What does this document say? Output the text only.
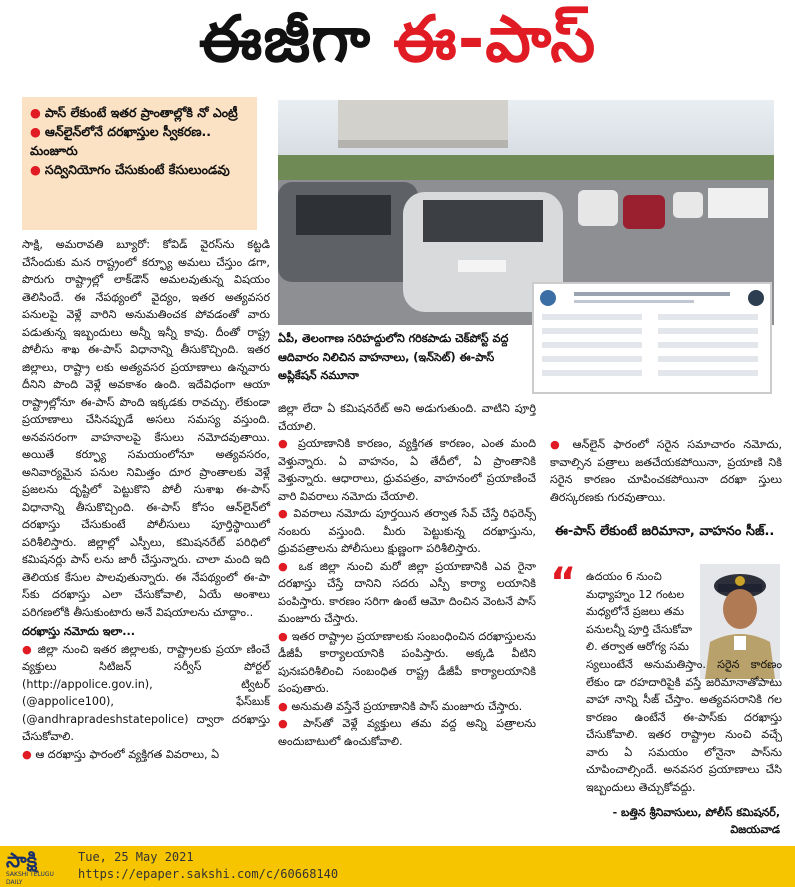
ఈజీగా ఈ-పాస్
● పాస్ లేకుంటే ఇతర ప్రాంతాల్లోకి నో ఎంట్రీ
● ఆన్‌లైన్‌లోనే దరఖాస్తుల స్వీకరణ.. మంజూరు
● సద్వినియోగం చేసుకుంటే కేసులుండవు

సాక్షి, అమరావతి బ్యూరో: కోవిడ్ వైరస్‌ను కట్టడి చేసేందుకు మన రాష్ట్రంలో కర్ఫ్యూ అమలు చేస్తుం డగా, పొరుగు రాష్ట్రాల్లో లాక్‌డౌన్ అమలవుతున్న విషయం తెలిసిందే. ఈ నేపథ్యంలో వైద్యం, ఇతర అత్యవసర పనులపై వెళ్లే వారిని అనుమతించక పోవడంతో వారు పడుతున్న ఇబ్బందులు అన్నీ ఇన్నీ కావు. దీంతో రాష్ట్ర పోలీసు శాఖ ఈ-పాస్ విధానాన్ని తీసుకొచ్చింది. ఇతర జిల్లాలు, రాష్ట్రా లకు అత్యవసర ప్రయాణాలు ఉన్నవారు దీనిని పొంది వెళ్లే అవకాశం ఉంది. ఇదేవిధంగా ఆయా రాష్ట్రాల్లోనూ ఈ-పాస్ పొంది ఇక్కడకు రావచ్చు. లేకుండా ప్రయాణాలు చేసినప్పుడే అసలు సమస్య వస్తుంది. అనవసరంగా వాహనాలపై కేసులు నమోదవుతాయి. అయితే కర్ఫ్యూ సమయంలోనూ అత్యవసరం, అనివార్యమైన పనుల నిమిత్తం దూర ప్రాంతాలకు వెళ్లే ప్రజలను దృష్టిలో పెట్టుకొని పోలీ సుశాఖ ఈ-పాస్ విధానాన్ని తీసుకొచ్చింది. ఈ-పాస్ కోసం ఆన్‌లైన్‌లో దరఖాస్తు చేసుకుంటే పోలీసులు పూర్తిస్థాయిలో పరిశీలిస్తారు. జిల్లాల్లో ఎస్పీలు, కమిషనరేట్ పరిధిలో కమిషనర్లు పాస్ లను జారీ చేస్తున్నారు. చాలా మంది ఇది తెలియక కేసుల పాలవుతున్నారు. ఈ నేపథ్యంలో ఈ-పా స్‌కు దరఖాస్తు ఎలా చేసుకోవాలి, ఏయే అంశాలు పరిగణలోకి తీసుకుంటారు అనే విషయాలను చూద్దాం..

దరఖాస్తు నమోదు ఇలా...

● జిల్లా నుంచి ఇతర జిల్లాలకు, రాష్ట్రాలకు ప్రయా ణించే వ్యక్తులు సిటిజన్ సర్వీస్ పోర్టల్ (http://appolice.gov.in), ట్విటర్ (@appolice100), ఫేస్‌బుక్ (@andhrapradeshstatepolice) ద్వారా దరఖాస్తు చేసుకోవాలి.

● ఆ దరఖాస్తు ఫారంలో వ్యక్తిగత వివరాలు, ఏ

ఏపీ, తెలంగాణ సరిహద్దులోని గరికపాడు చెక్‌పోస్ట్ వద్ద ఆదివారం నిలిచిన వాహనాలు, (ఇన్‌సెట్) ఈ-పాస్ అప్లికేషన్ నమూనా

జిల్లా లేదా ఏ కమిషనరేట్ అని అడుగుతుంది. వాటిని పూర్తి చేయాలి.

● ప్రయాణానికి కారణం, వ్యక్తిగత కారణం, ఎంత మంది వెళ్తున్నారు. ఏ వాహనం, ఏ తేదీలో, ఏ ప్రాంతానికి వెళ్తున్నారు. ఆధారాలు, ధ్రువపత్రం, వాహనంలో ప్రయాణించే వారి వివరాలు నమోదు చేయాలి.

● వివరాలు నమోదు పూర్తయిన తర్వాత సేవ్ చేస్తే రిఫరెన్స్ నంబరు వస్తుంది. మీరు పెట్టుకున్న దరఖాస్తును, ధ్రువపత్రాలను పోలీసులు క్షుణ్ణంగా పరిశీలిస్తారు.

● ఒక జిల్లా నుంచి మరో జిల్లా ప్రయాణానికి ఎవ రైనా దరఖాస్తు చేస్తే దానిని సదరు ఎస్పీ కార్యా లయానికి పంపిస్తారు. కారణం సరిగా ఉంటే ఆమో దించిన వెంటనే పాస్ మంజూరు చేస్తారు.

● ఇతర రాష్ట్రాల ప్రయాణాలకు సంబంధించిన దరఖాస్తులను డీజీపీ కార్యాలయానికి పంపిస్తారు. అక్కడి వీటిని పునఃపరిశీలించి సంబంధిత రాష్ట్ర డీజీపీ కార్యాలయానికి పంపుతారు.

● అనుమతి వస్తేనే ప్రయాణానికి పాస్ మంజూరు చేస్తారు.

● పాస్‌తో వెళ్లే వ్యక్తులు తమ వద్ద అన్ని పత్రాలను అందుబాటులో ఉంచుకోవాలి.

● ఆన్‌లైన్ ఫారంలో సరైన సమాచారం నమోదు, కావాల్సిన పత్రాలు జతచేయకపోయినా, ప్రయాణి నికి సరైన కారణం చూపించకపోయినా దరఖా స్తులు తిరస్కరణకు గురవుతాయి.

ఈ-పాస్ లేకుంటే జరిమానా, వాహనం సీజ్..
“ ఉదయం 6 నుంచి
మధ్యాహ్నం 12 గంటల
మధ్యలోనే ప్రజలు తమ
పనులన్నీ పూర్తి చేసుకోవా
లి. తర్వాత ఆరోగ్య సమ

స్యలుంటేనే అనుమతిస్తాం. సరైన కారణం లేకుం డా రహదారిపైకి వస్తే జరిమానాతోపాటు వాహా నాన్ని సీజ్ చేస్తాం. అత్యవసరానికి గల కారణం ఉంటేనే ఈ-పాస్‌కు దరఖాస్తు చేసుకోవాలి. ఇతర రాష్ట్రాల నుంచి వచ్చే వారు ఏ సమయం లోనైనా పాస్‌ను చూపించాల్సిందే. అనవసర ప్రయాణాలు చేసి ఇబ్బందులు తెచ్చుకోవద్దు.

- బత్తిన శ్రీనివాసులు, పోలీస్ కమిషనర్, విజయవాడ
సాక్షి
SAKSHI TELUGU DAILY
Tue, 25 May 2021
https://epaper.sakshi.com/c/60668140
